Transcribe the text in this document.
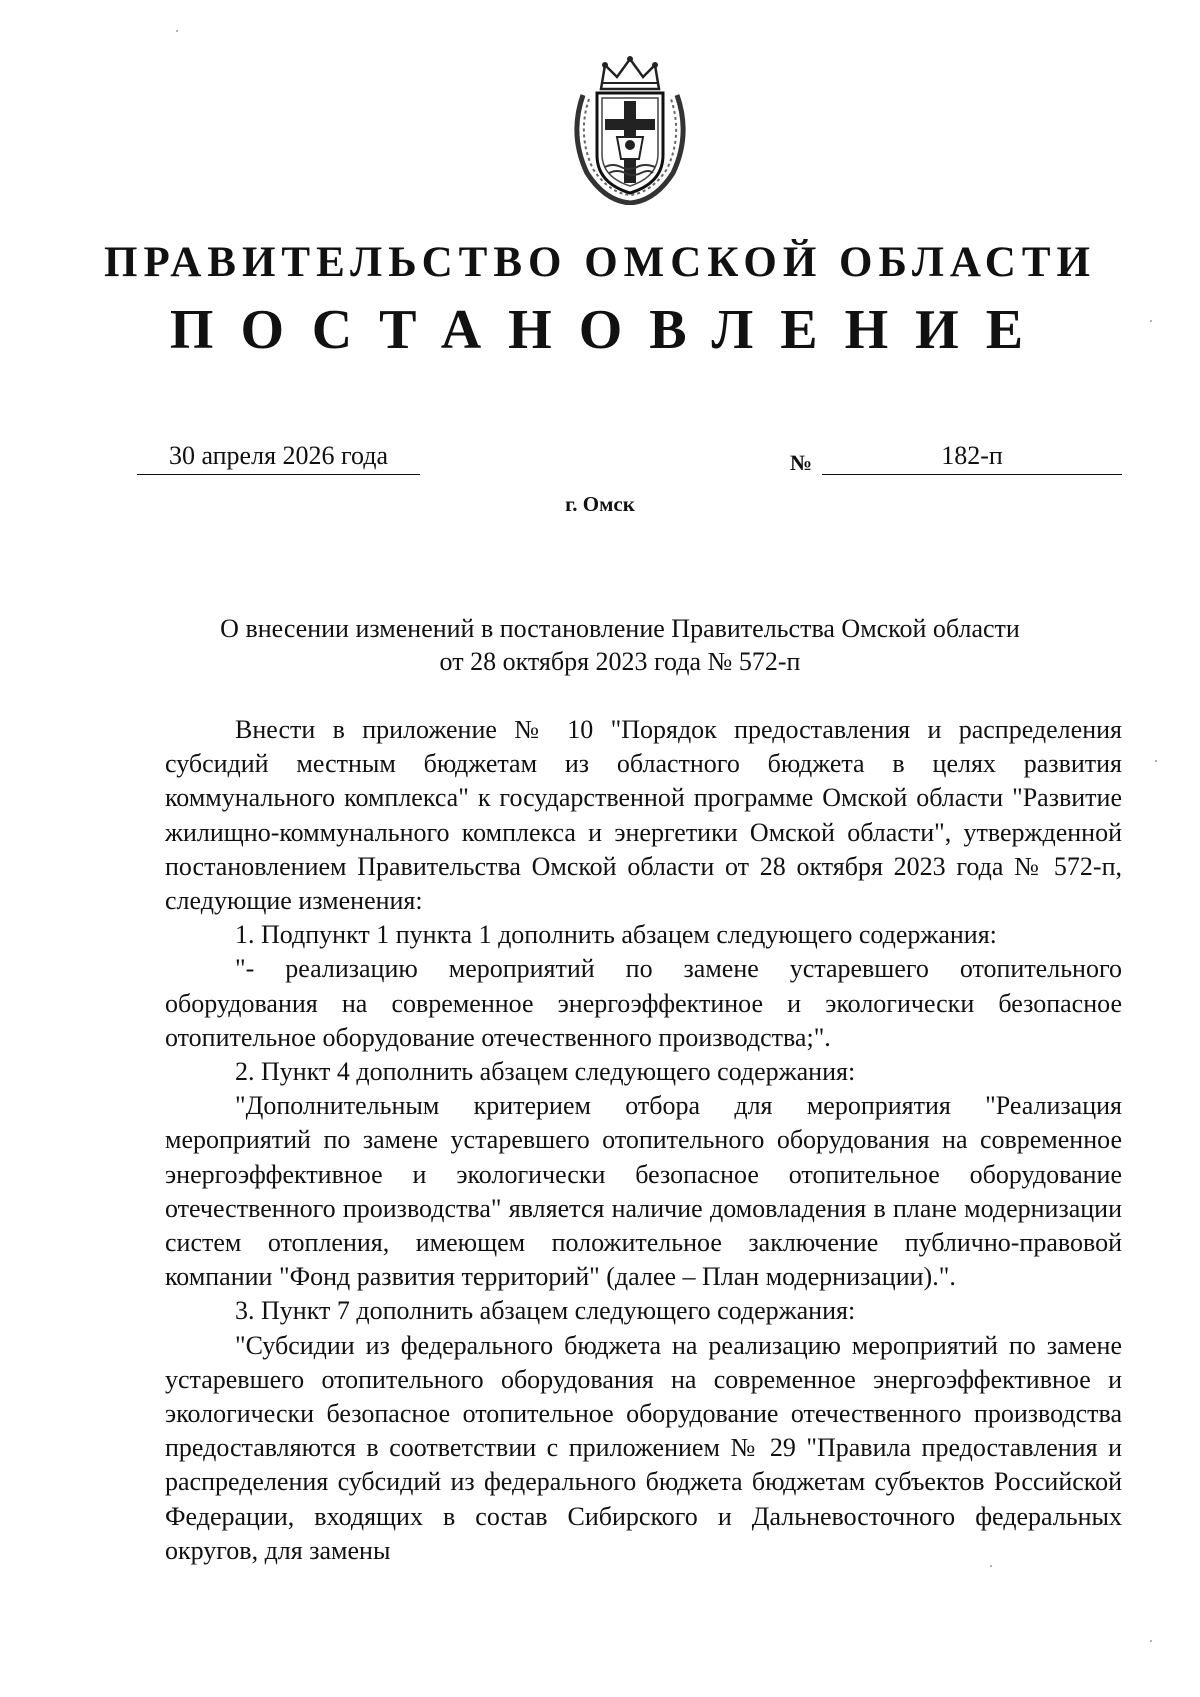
ПРАВИТЕЛЬСТВО ОМСКОЙ ОБЛАСТИ
ПОСТАНОВЛЕНИЕ
30 апреля 2026 года	№	182-п
г. Омск
О внесении изменений в постановление Правительства Омской области
от 28 октября 2023 года № 572-п

Внести в приложение № 10 "Порядок предоставления и распределения субсидий местным бюджетам из областного бюджета в целях развития коммунального комплекса" к государственной программе Омской области "Развитие жилищно-коммунального комплекса и энергетики Омской области", утвержденной постановлением Правительства Омской области от 28 октября 2023 года № 572-п, следующие изменения:

1. Подпункт 1 пункта 1 дополнить абзацем следующего содержания:

"- реализацию мероприятий по замене устаревшего отопительного оборудования на современное энергоэффектиное и экологически безопасное отопительное оборудование отечественного производства;".

2. Пункт 4 дополнить абзацем следующего содержания:

"Дополнительным критерием отбора для мероприятия "Реализация мероприятий по замене устаревшего отопительного оборудования на современное энергоэффективное и экологически безопасное отопительное оборудование отечественного производства" является наличие домовладения в плане модернизации систем отопления, имеющем положительное заключение публично-правовой компании "Фонд развития территорий" (далее – План модернизации).".

3. Пункт 7 дополнить абзацем следующего содержания:

"Субсидии из федерального бюджета на реализацию мероприятий по замене устаревшего отопительного оборудования на современное энергоэффективное и экологически безопасное отопительное оборудование отечественного производства предоставляются в соответствии с приложением № 29 "Правила предоставления и распределения субсидий из федерального бюджета бюджетам субъектов Российской Федерации, входящих в состав Сибирского и Дальневосточного федеральных округов, для замены
